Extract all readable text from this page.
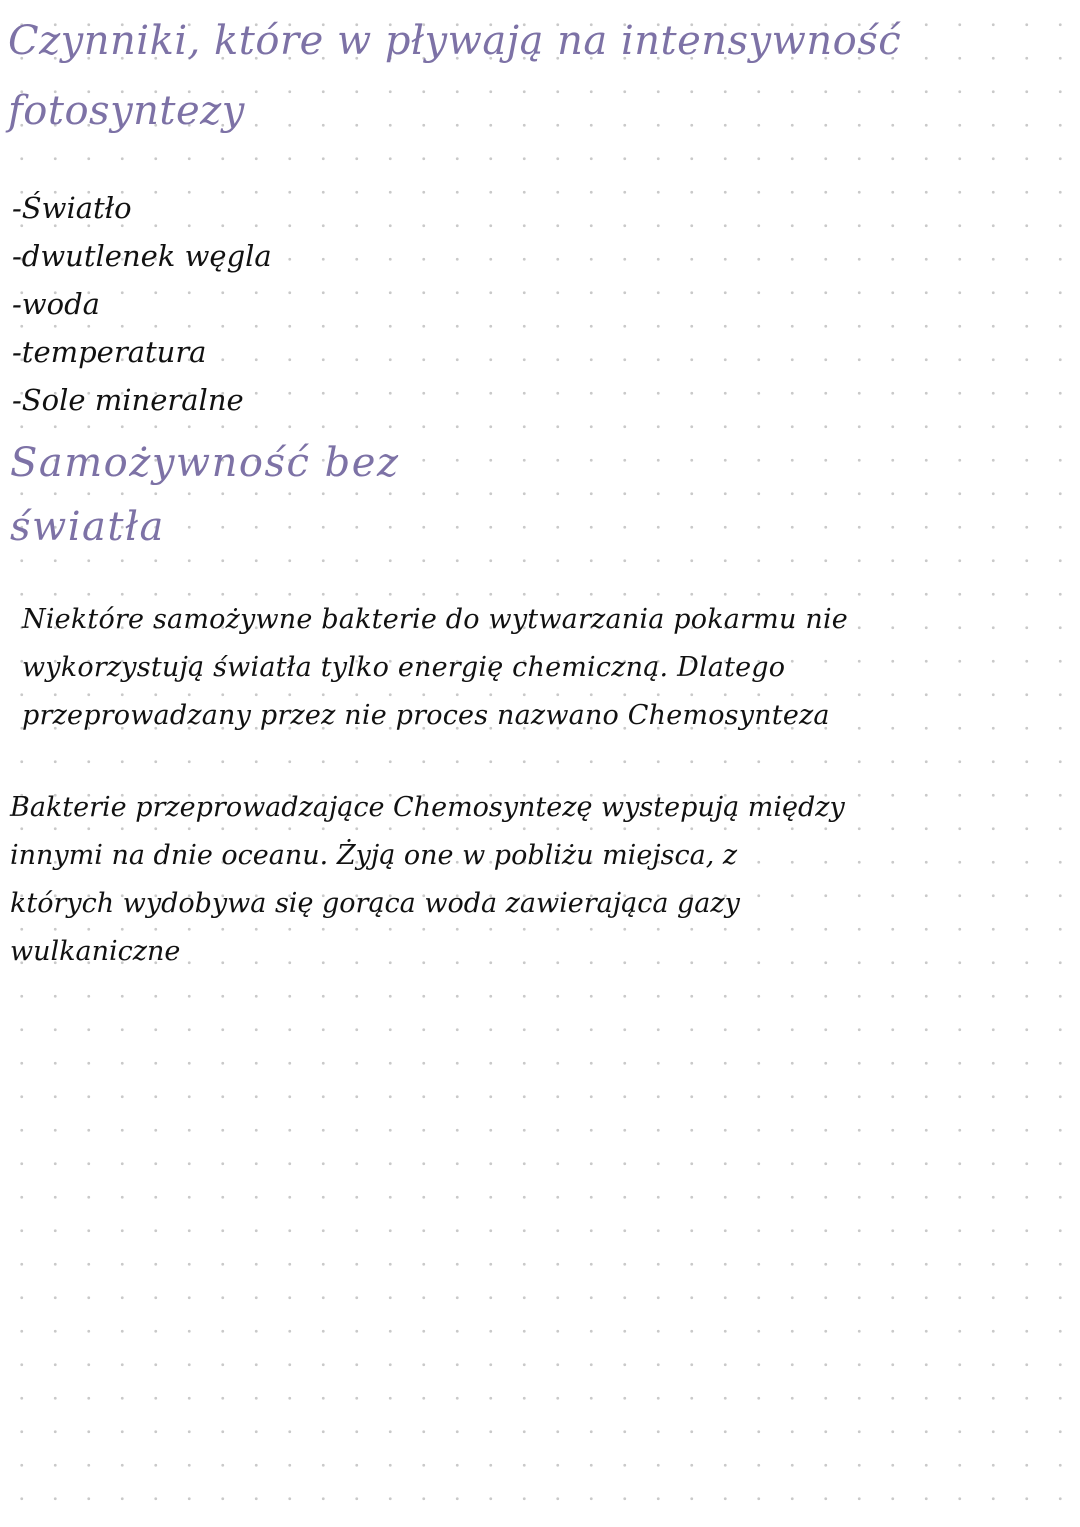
Czynniki, które w pływają na intensywność
fotosyntezy
-Światło
-dwutlenek węgla
-woda
-temperatura
-Sole mineralne
Samożywność bez
światła

Niektóre samożywne bakterie do wytwarzania pokarmu nie
wykorzystują światła tylko energię chemiczną. Dlatego
przeprowadzany przez nie proces nazwano Chemosynteza

Bakterie przeprowadzające Chemosyntezę wystepują między
innymi na dnie oceanu. Żyją one w pobliżu miejsca, z
których wydobywa się gorąca woda zawierająca gazy
wulkaniczne
